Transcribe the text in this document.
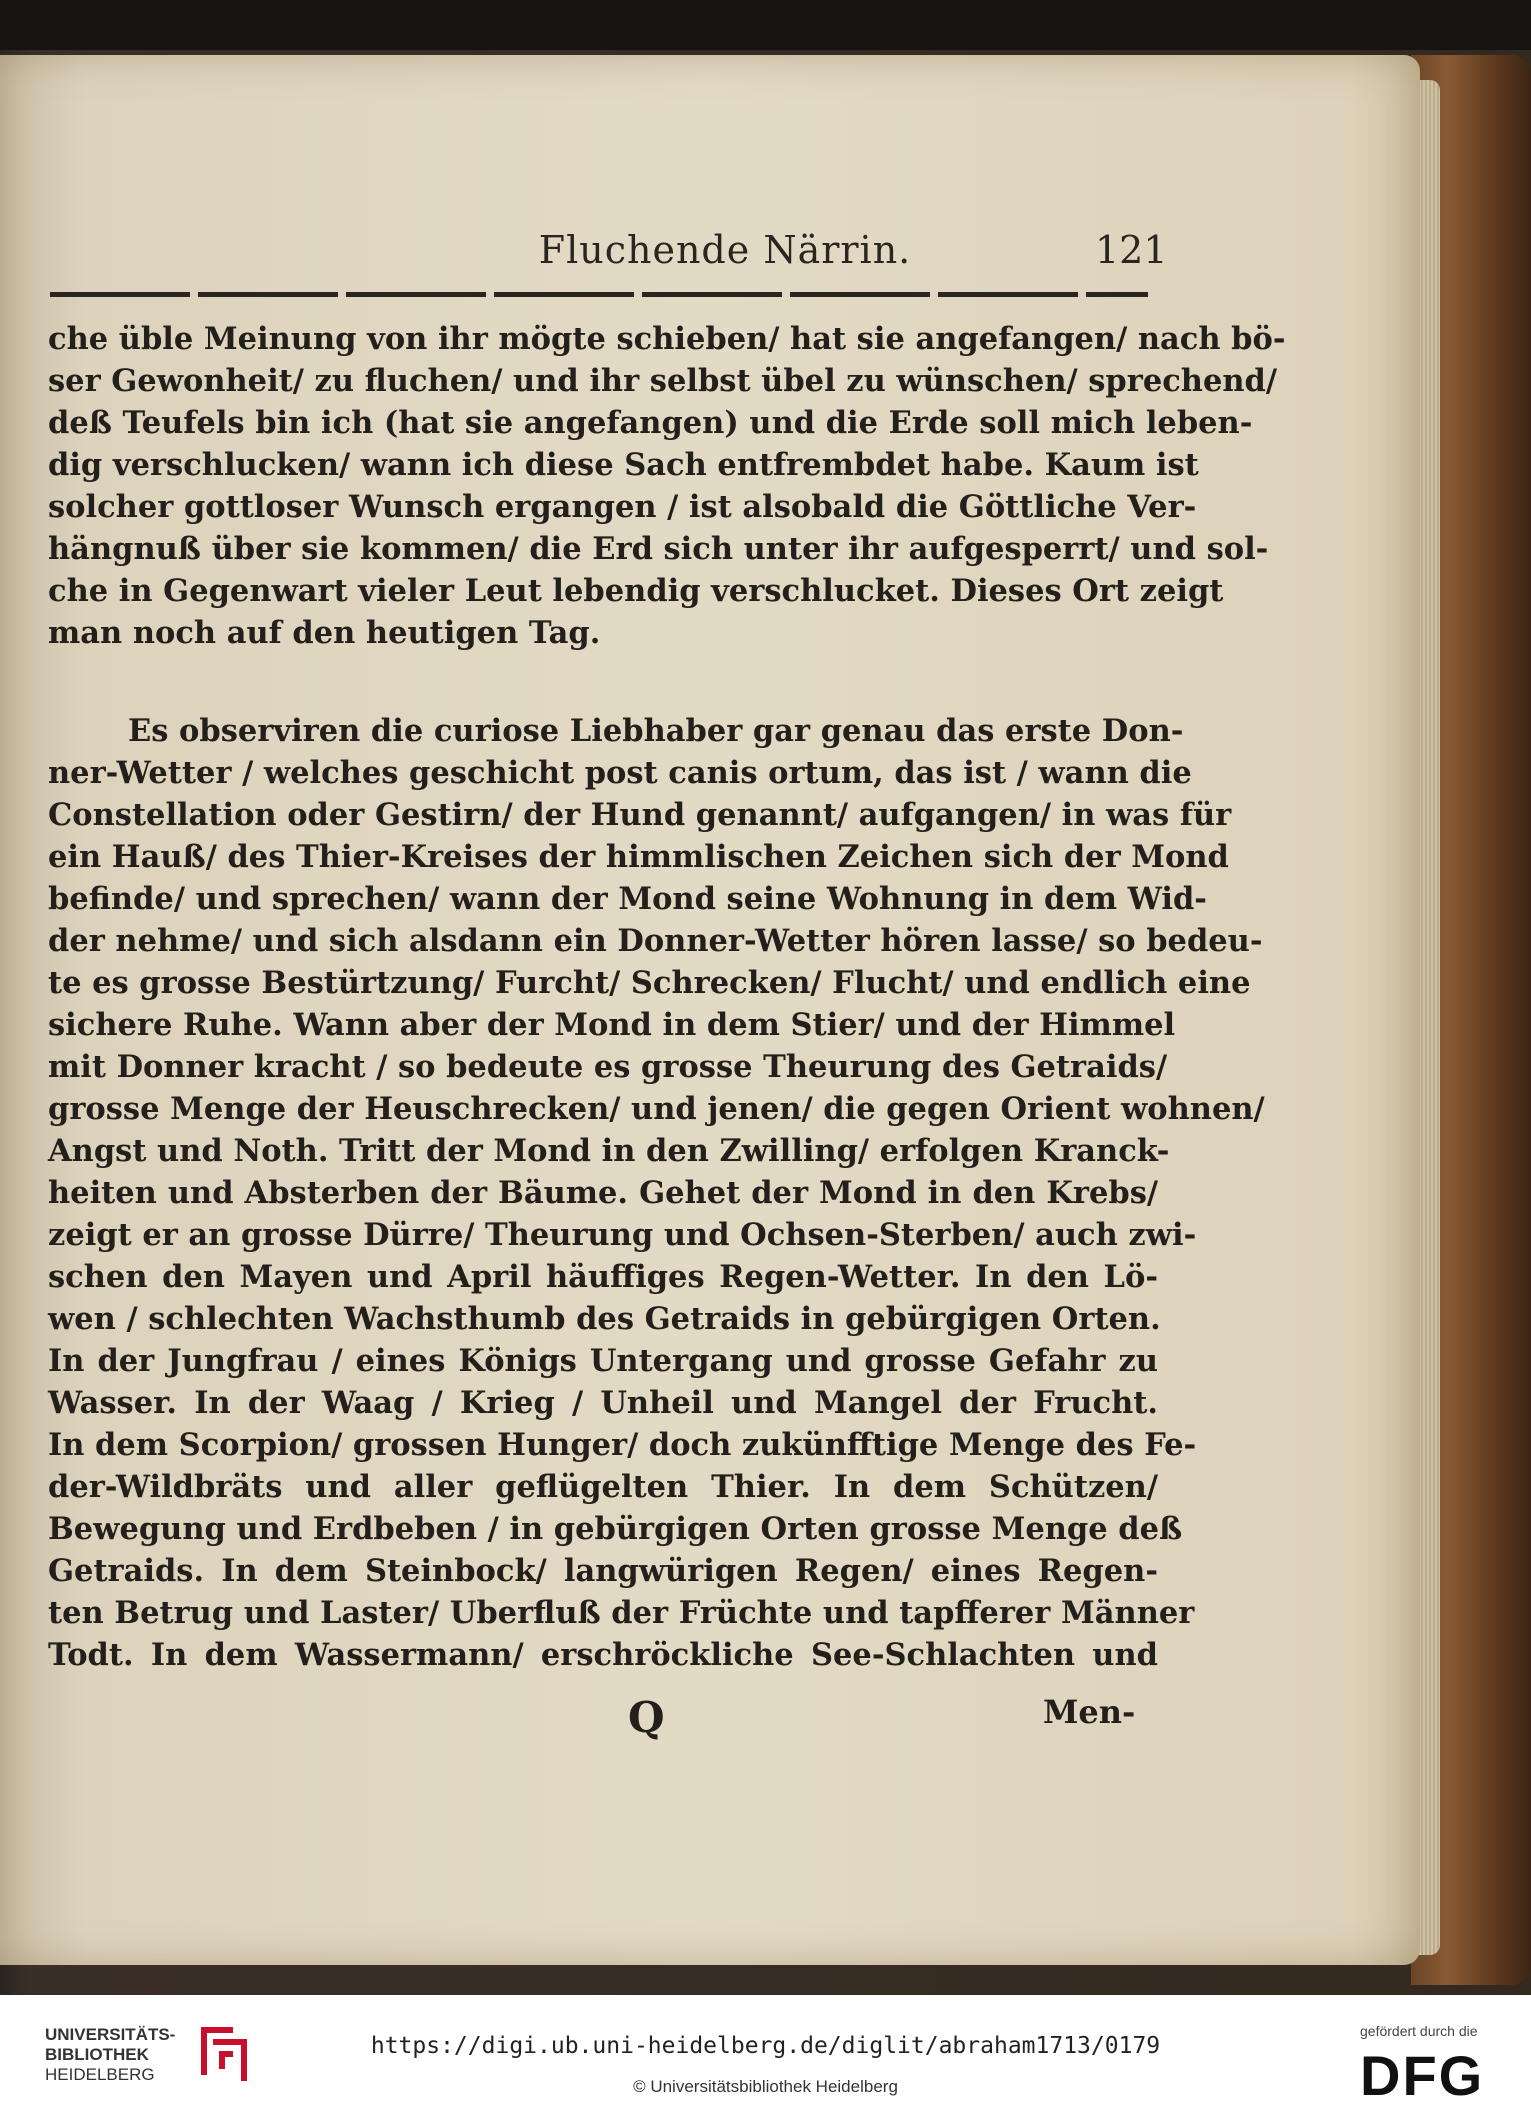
Fluchende Närrin.	121
che üble Meinung von ihr mögte schieben/ hat sie angefangen/ nach bö-
ser Gewonheit/ zu fluchen/ und ihr selbst übel zu wünschen/ sprechend/
deß Teufels bin ich (hat sie angefangen) und die Erde soll mich leben-
dig verschlucken/ wann ich diese Sach entfrembdet habe. Kaum ist
solcher gottloser Wunsch ergangen / ist alsobald die Göttliche Ver-
hängnuß über sie kommen/ die Erd sich unter ihr aufgesperrt/ und sol-
che in Gegenwart vieler Leut lebendig verschlucket. Dieses Ort zeigt
man noch auf den heutigen Tag.
Es observiren die curiose Liebhaber gar genau das erste Don-
ner-Wetter / welches geschicht post canis ortum, das ist / wann die
Constellation oder Gestirn/ der Hund genannt/ aufgangen/ in was für
ein Hauß/ des Thier-Kreises der himmlischen Zeichen sich der Mond
befinde/ und sprechen/ wann der Mond seine Wohnung in dem Wid-
der nehme/ und sich alsdann ein Donner-Wetter hören lasse/ so bedeu-
te es grosse Bestürtzung/ Furcht/ Schrecken/ Flucht/ und endlich eine
sichere Ruhe. Wann aber der Mond in dem Stier/ und der Himmel
mit Donner kracht / so bedeute es grosse Theurung des Getraids/
grosse Menge der Heuschrecken/ und jenen/ die gegen Orient wohnen/
Angst und Noth. Tritt der Mond in den Zwilling/ erfolgen Kranck-
heiten und Absterben der Bäume. Gehet der Mond in den Krebs/
zeigt er an grosse Dürre/ Theurung und Ochsen-Sterben/ auch zwi-
schen den Mayen und April häuffiges Regen-Wetter. In den Lö-
wen / schlechten Wachsthumb des Getraids in gebürgigen Orten.
In der Jungfrau / eines Königs Untergang und grosse Gefahr zu
Wasser. In der Waag / Krieg / Unheil und Mangel der Frucht.
In dem Scorpion/ grossen Hunger/ doch zukünfftige Menge des Fe-
der-Wildbräts und aller geflügelten Thier. In dem Schützen/
Bewegung und Erdbeben / in gebürgigen Orten grosse Menge deß
Getraids. In dem Steinbock/ langwürigen Regen/ eines Regen-
ten Betrug und Laster/ Uberfluß der Früchte und tapfferer Männer
Todt. In dem Wassermann/ erschröckliche See-Schlachten und
Q	Men-
UNIVERSITÄTS-
BIBLIOTHEK
HEIDELBERG
https://digi.ub.uni-heidelberg.de/diglit/abraham1713/0179
© Universitätsbibliothek Heidelberg
gefördert durch die
DFG
